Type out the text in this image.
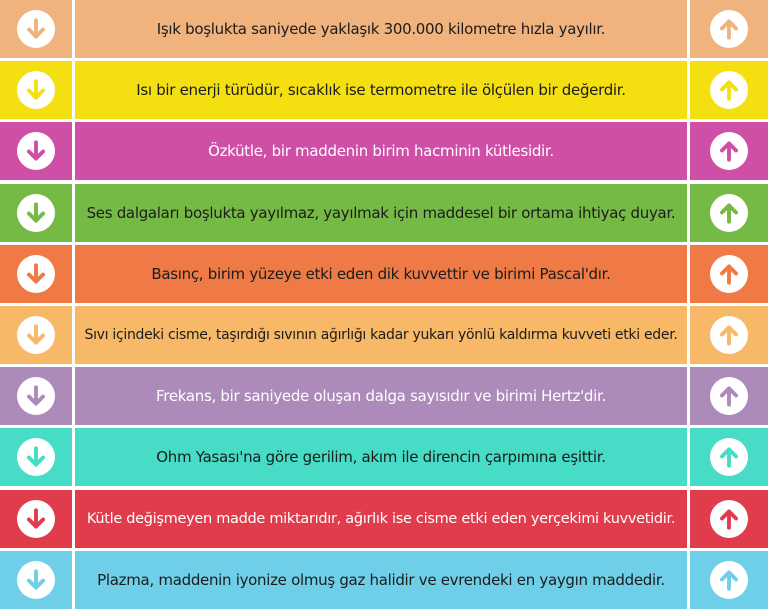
Işık boşlukta saniyede yaklaşık 300.000 kilometre hızla yayılır.
Isı bir enerji türüdür, sıcaklık ise termometre ile ölçülen bir değerdir.
Özkütle, bir maddenin birim hacminin kütlesidir.
Ses dalgaları boşlukta yayılmaz, yayılmak için maddesel bir ortama ihtiyaç duyar.
Basınç, birim yüzeye etki eden dik kuvvettir ve birimi Pascal'dır.
Sıvı içindeki cisme, taşırdığı sıvının ağırlığı kadar yukarı yönlü kaldırma kuvveti etki eder.
Frekans, bir saniyede oluşan dalga sayısıdır ve birimi Hertz'dir.
Ohm Yasası'na göre gerilim, akım ile direncin çarpımına eşittir.
Kütle değişmeyen madde miktarıdır, ağırlık ise cisme etki eden yerçekimi kuvvetidir.
Plazma, maddenin iyonize olmuş gaz halidir ve evrendeki en yaygın maddedir.
